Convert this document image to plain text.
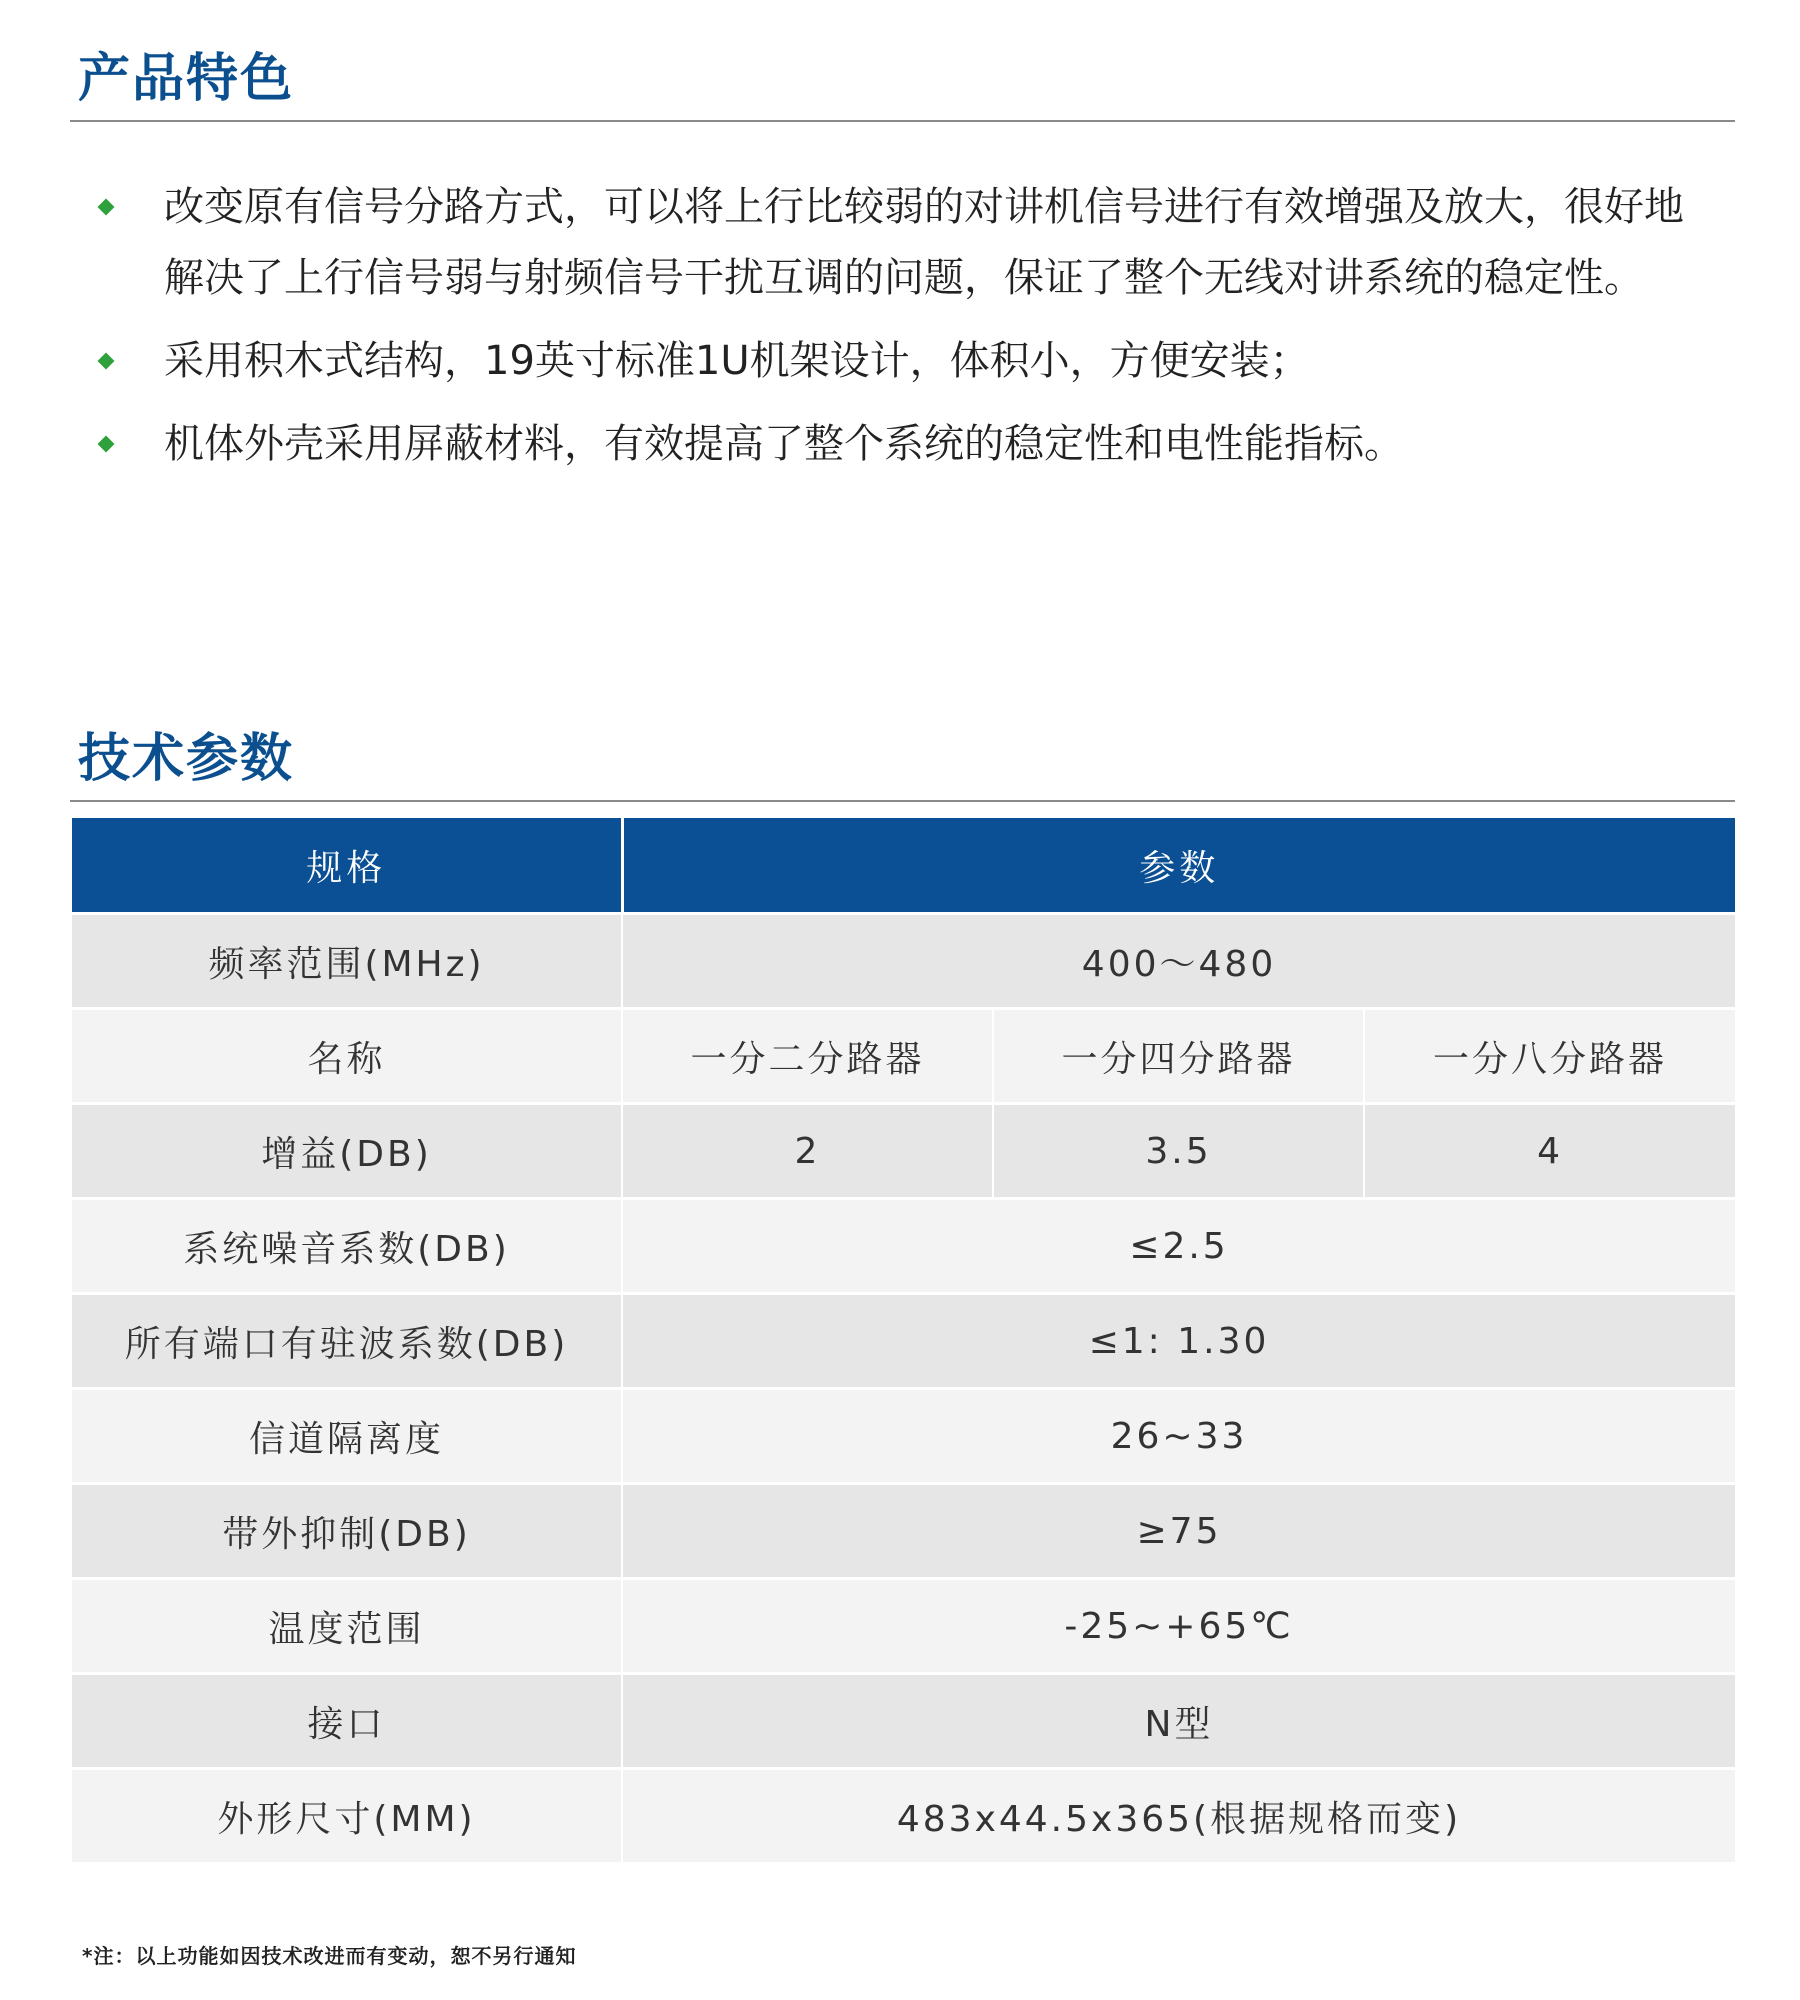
产品特色
改变原有信号分路方式，可以将上行比较弱的对讲机信号进行有效增强及放大，很好地解决了上行信号弱与射频信号干扰互调的问题，保证了整个无线对讲系统的稳定性。
采用积木式结构，19英寸标准1U机架设计，体积小，方便安装；
机体外壳采用屏蔽材料，有效提高了整个系统的稳定性和电性能指标。
技术参数
规格	参数		
频率范围(MHz)	400～480		
名称	一分二分路器	一分四分路器	一分八分路器
增益(DB)	2	3.5	4
系统噪音系数(DB)	≤2.5		
所有端口有驻波系数(DB)	≤1: 1.30		
信道隔离度	26~33		
带外抑制(DB)	≥75		
温度范围	-25~+65℃		
接口	N型		
外形尺寸(MM)	483x44.5x365(根据规格而变)		

*注：以上功能如因技术改进而有变动，恕不另行通知
